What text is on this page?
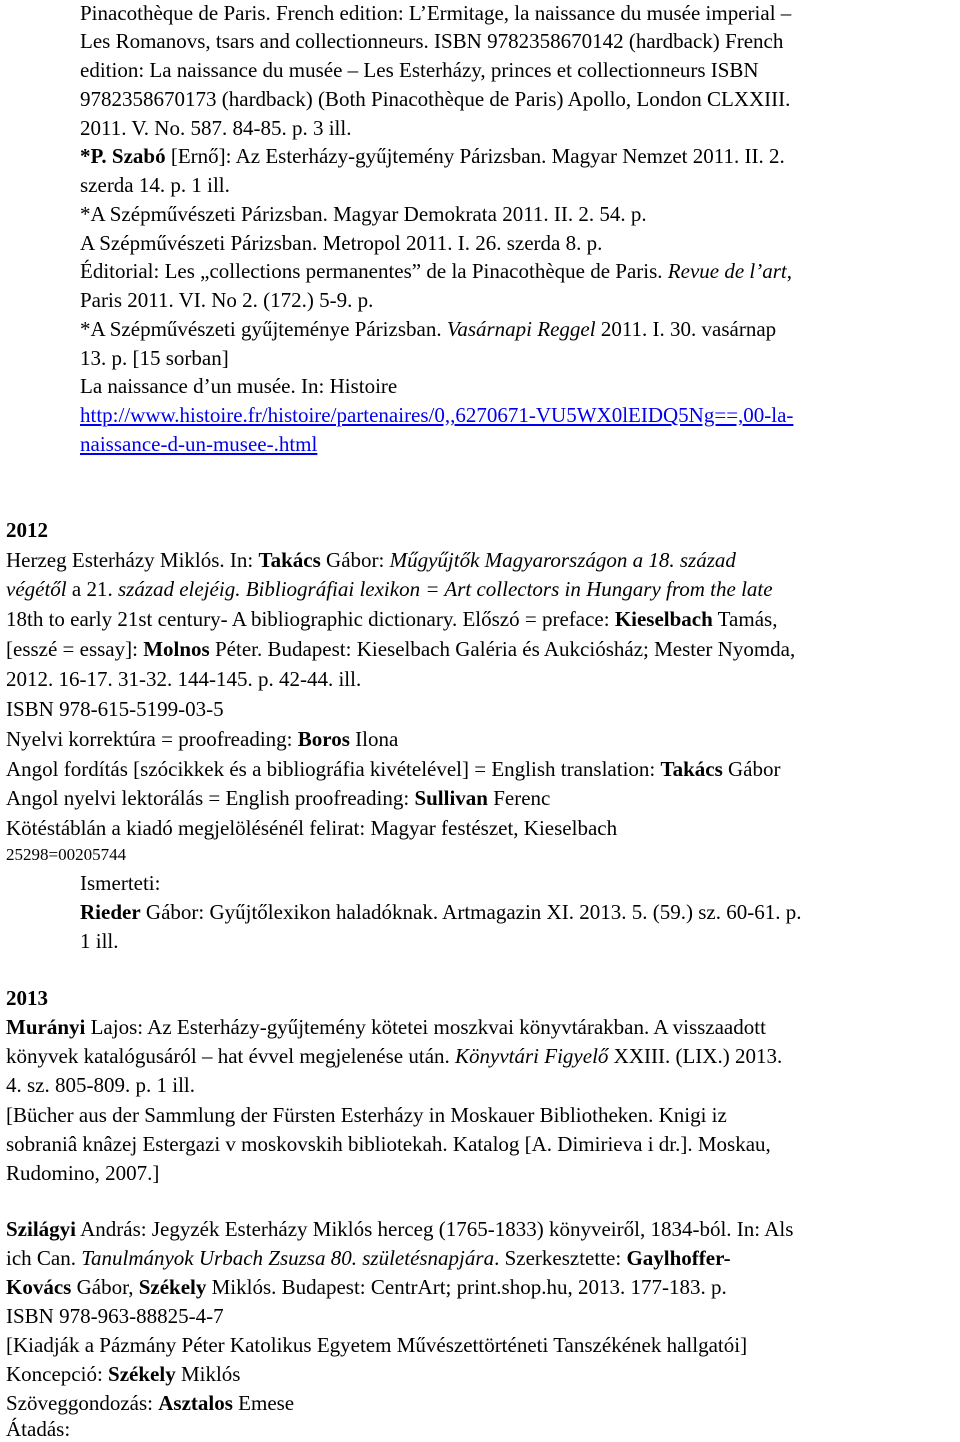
Pinacothèque de Paris. French edition: L’Ermitage, la naissance du musée imperial –
Les Romanovs, tsars and collectionneurs. ISBN 9782358670142 (hardback) French
edition: La naissance du musée – Les Esterházy, princes et collectionneurs ISBN
9782358670173 (hardback) (Both Pinacothèque de Paris) Apollo, London CLXXIII.
2011. V. No. 587. 84-85. p. 3 ill.
*P. Szabó [Ernő]: Az Esterházy-gyűjtemény Párizsban. Magyar Nemzet 2011. II. 2.
szerda 14. p. 1 ill.
*A Szépművészeti Párizsban. Magyar Demokrata 2011. II. 2. 54. p.
A Szépművészeti Párizsban. Metropol 2011. I. 26. szerda 8. p.
Éditorial: Les „collections permanentes” de la Pinacothèque de Paris. Revue de l’art,
Paris 2011. VI. No 2. (172.) 5-9. p.
*A Szépművészeti gyűjteménye Párizsban. Vasárnapi Reggel 2011. I. 30. vasárnap
13. p. [15 sorban]
La naissance d’un musée. In: Histoire
http://www.histoire.fr/histoire/partenaires/0,,6270671-VU5WX0lEIDQ5Ng==,00-la-
naissance-d-un-musee-.html
2012
Herzeg Esterházy Miklós. In: Takács Gábor: Műgyűjtők Magyarországon a 18. század
végétől a 21. század elejéig. Bibliográfiai lexikon = Art collectors in Hungary from the late
18th to early 21st century- A bibliographic dictionary. Előszó = preface: Kieselbach Tamás,
[esszé = essay]: Molnos Péter. Budapest: Kieselbach Galéria és Aukciósház; Mester Nyomda,
2012. 16-17. 31-32. 144-145. p. 42-44. ill.
ISBN 978-615-5199-03-5
Nyelvi korrektúra = proofreading: Boros Ilona
Angol fordítás [szócikkek és a bibliográfia kivételével] = English translation: Takács Gábor
Angol nyelvi lektorálás = English proofreading: Sullivan Ferenc
Kötéstáblán a kiadó megjelölésénél felirat: Magyar festészet, Kieselbach
25298=00205744
Ismerteti:
Rieder Gábor: Gyűjtőlexikon haladóknak. Artmagazin XI. 2013. 5. (59.) sz. 60-61. p.
1 ill.
2013
Murányi Lajos: Az Esterházy-gyűjtemény kötetei moszkvai könyvtárakban. A visszaadott
könyvek katalógusáról – hat évvel megjelenése után. Könyvtári Figyelő XXIII. (LIX.) 2013.
4. sz. 805-809. p. 1 ill.
[Bücher aus der Sammlung der Fürsten Esterházy in Moskauer Bibliotheken. Knigi iz
sobraniâ knâzej Estergazi v moskovskih bibliotekah. Katalog [A. Dimirieva i dr.]. Moskau,
Rudomino, 2007.]
Szilágyi András: Jegyzék Esterházy Miklós herceg (1765-1833) könyveiről, 1834-ból. In: Als
ich Can. Tanulmányok Urbach Zsuzsa 80. születésnapjára. Szerkesztette: Gaylhoffer-
Kovács Gábor, Székely Miklós. Budapest: CentrArt; print.shop.hu, 2013. 177-183. p.
ISBN 978-963-88825-4-7
[Kiadják a Pázmány Péter Katolikus Egyetem Művészettörténeti Tanszékének hallgatói]
Koncepció: Székely Miklós
Szöveggondozás: Asztalos Emese
Átadás:
